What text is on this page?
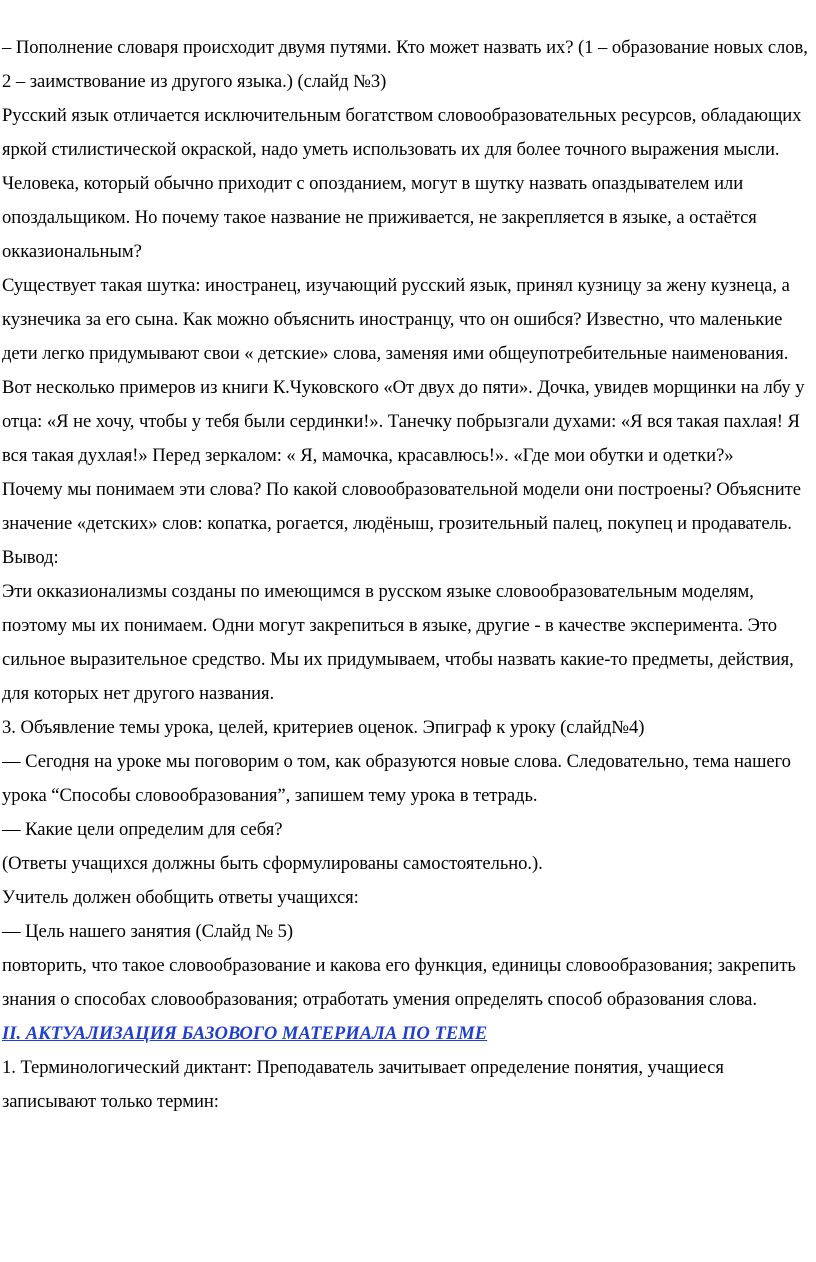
– Пополнение словаря происходит двумя путями. Кто может назвать их? (1 – образование новых слов, 2 – заимствование из другого языка.) (слайд №3)

Русский язык отличается исключительным богатством словообразовательных ресурсов, обладающих яркой стилистической окраской, надо уметь использовать их для более точного выражения мысли.

Человека, который обычно приходит с опозданием, могут в шутку назвать опаздывателем или опоздальщиком. Но почему такое название не приживается, не закрепляется в языке, а остаётся окказиональным?

Существует такая шутка: иностранец, изучающий русский язык, принял кузницу за жену кузнеца, а кузнечика за его сына. Как можно объяснить иностранцу, что он ошибся? Известно, что маленькие дети легко придумывают свои « детские» слова, заменяя ими общеупотребительные наименования. Вот несколько примеров из книги К.Чуковского «От двух до пяти». Дочка, увидев морщинки на лбу у отца: «Я не хочу, чтобы у тебя были сердинки!». Танечку побрызгали духами: «Я вся такая пахлая! Я вся такая духлая!» Перед зеркалом: « Я, мамочка, красавлюсь!». «Где мои обутки и одетки?»

Почему мы понимаем эти слова? По какой словообразовательной модели они построены? Объясните значение «детских» слов: копатка, рогается, людёныш, грозительный палец, покупец и продаватель.

Вывод:

Эти окказионализмы созданы по имеющимся в русском языке словообразовательным моделям, поэтому мы их понимаем. Одни могут закрепиться в языке, другие - в качестве эксперимента. Это сильное выразительное средство. Мы их придумываем, чтобы назвать какие-то предметы, действия, для которых нет другого названия.

3. Объявление темы урока, целей, критериев оценок. Эпиграф к уроку (слайд№4)

— Сегодня на уроке мы поговорим о том, как образуются новые слова. Следовательно, тема нашего урока “Способы словообразования”, запишем тему урока в тетрадь.

— Какие цели определим для себя?

(Ответы учащихся должны быть сформулированы самостоятельно.).

Учитель должен обобщить ответы учащихся:

— Цель нашего занятия (Слайд № 5)

повторить, что такое словообразование и какова его функция, единицы словообразования; закрепить знания о способах словообразования; отработать умения определять способ образования слова.

II. АКТУАЛИЗАЦИЯ БАЗОВОГО МАТЕРИАЛА ПО ТЕМЕ

1. Терминологический диктант: Преподаватель зачитывает определение понятия, учащиеся записывают только термин:
